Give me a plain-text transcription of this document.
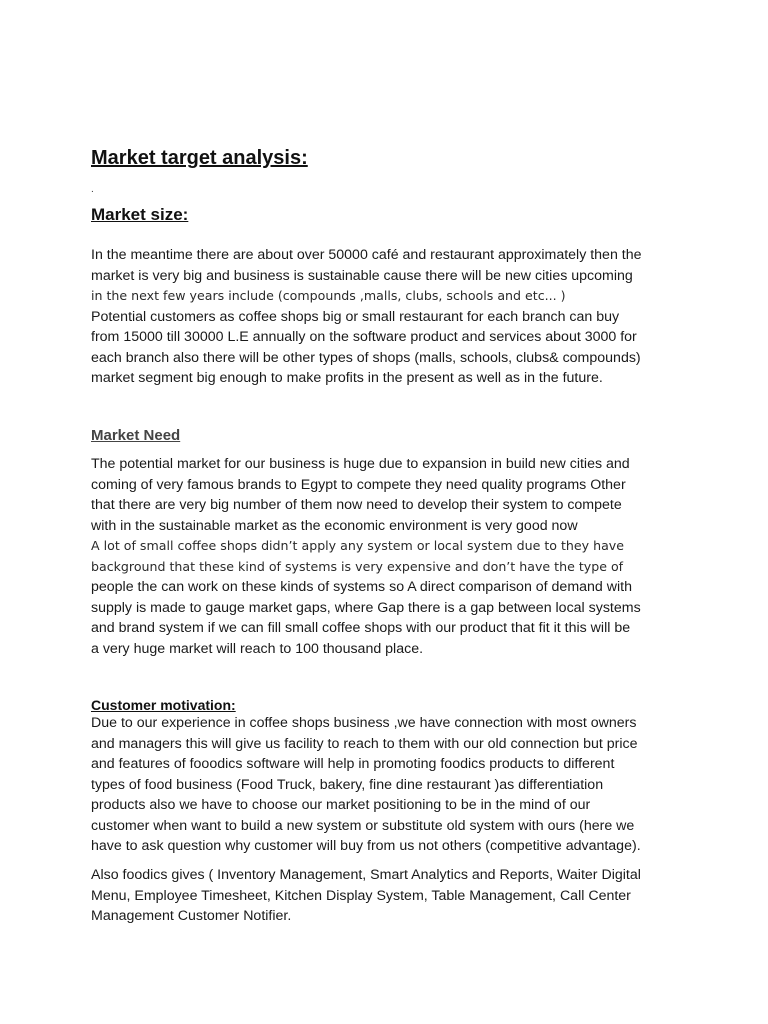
Market target analysis:
.
Market size:
In the meantime there are about over 50000 café and restaurant approximately then the
market is very big and business is sustainable cause there will be new cities upcoming
in the next few years include (compounds ,malls, clubs, schools and etc... )
Potential customers as coffee shops big or small restaurant for each branch can buy
from 15000 till 30000 L.E annually on the software product and services about 3000 for
each branch also there will be other types of shops (malls, schools, clubs& compounds)
market segment big enough to make profits in the present as well as in the future.
Market Need
The potential market for our business is huge due to expansion in build new cities and
coming of very famous brands to Egypt to compete they need quality programs Other
that there are very big number of them now need to develop their system to compete
with in the sustainable market as the economic environment is very good now
A lot of small coffee shops didn’t apply any system or local system due to they have
background that these kind of systems is very expensive and don’t have the type of
people the can work on these kinds of systems so A direct comparison of demand with
supply is made to gauge market gaps, where Gap there is a gap between local systems
and brand system if we can fill small coffee shops with our product that fit it this will be
a very huge market will reach to 100 thousand place.
Customer motivation:
Due to our experience in coffee shops business ,we have connection with most owners
and managers this will give us facility to reach to them with our old connection but price
and features of fooodics software will help in promoting foodics products to different
types of food business (Food Truck, bakery, fine dine restaurant )as differentiation
products also we have to choose our market positioning to be in the mind of our
customer when want to build a new system or substitute old system with ours (here we
have to ask question why customer will buy from us not others (competitive advantage).
Also foodics gives ( Inventory Management, Smart Analytics and Reports, Waiter Digital
Menu, Employee Timesheet, Kitchen Display System, Table Management, Call Center
Management Customer Notifier.
